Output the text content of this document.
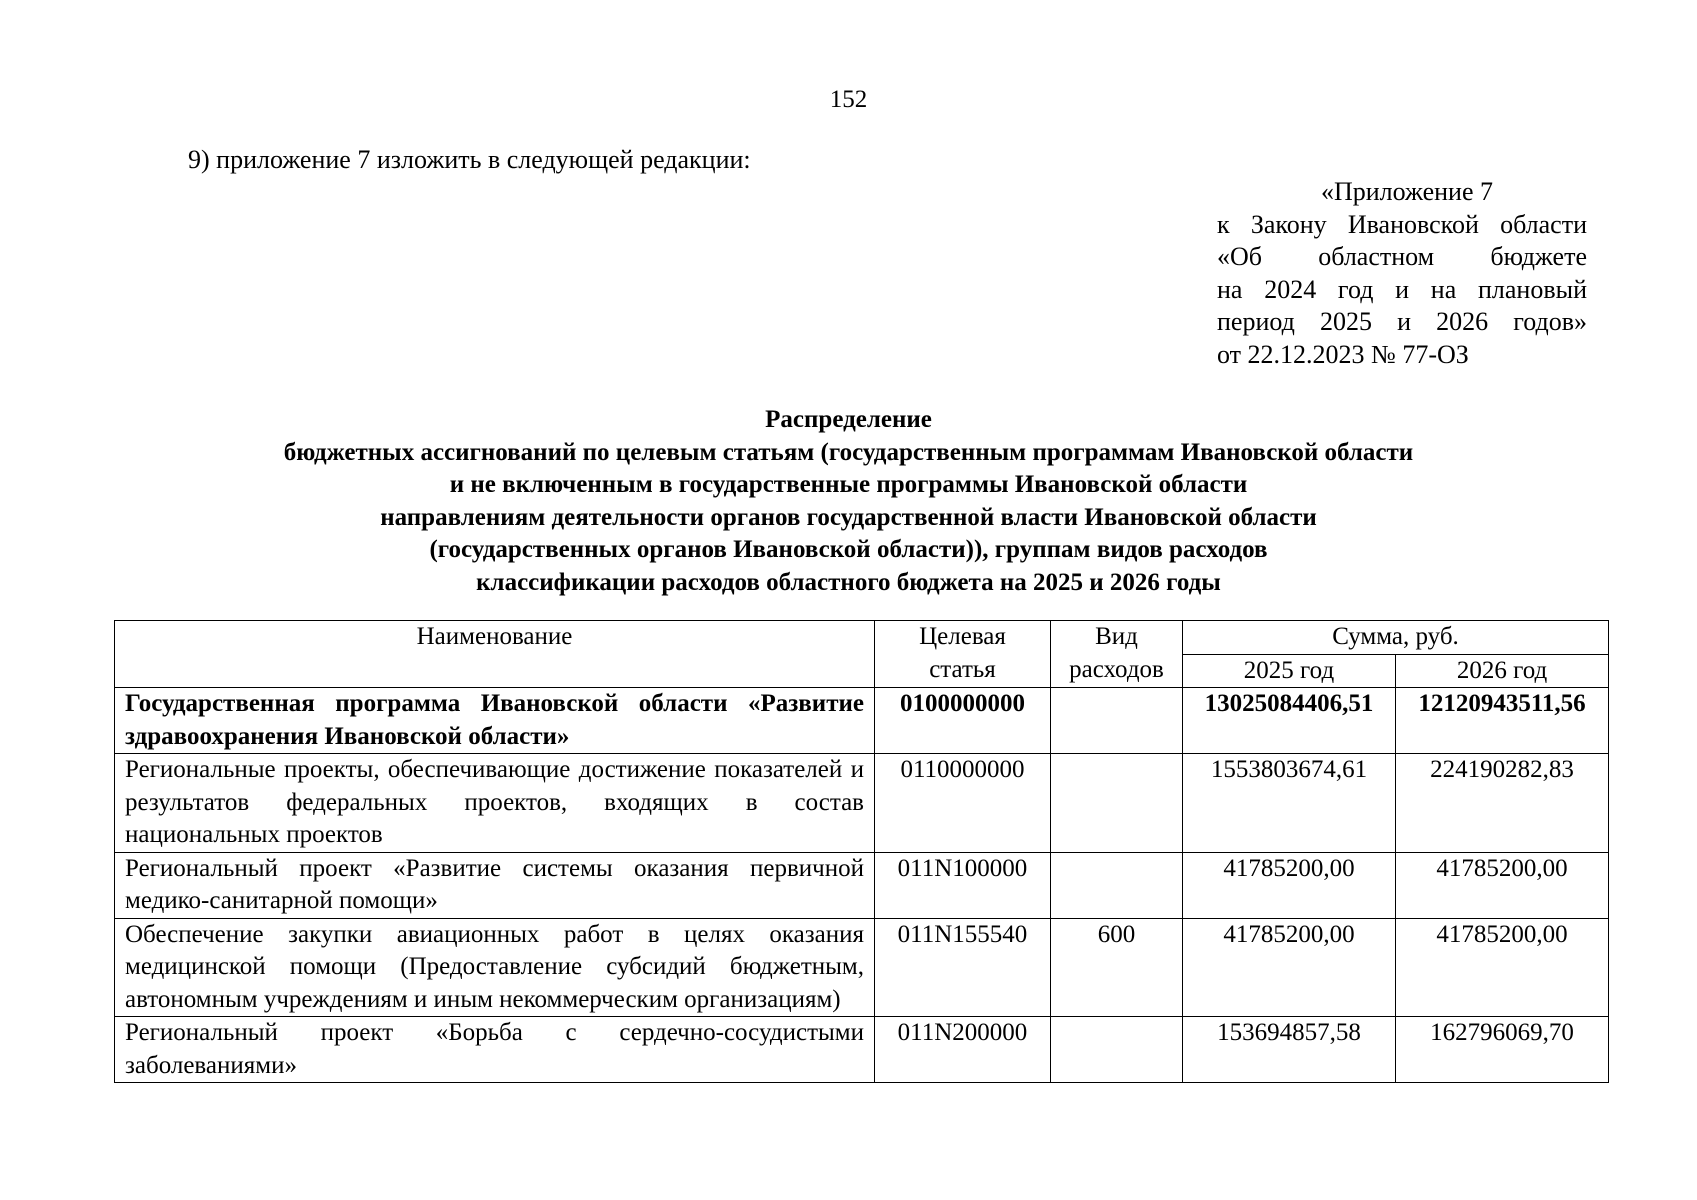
152
9) приложение 7 изложить в следующей редакции:
«Приложение 7
к Закону Ивановской области
«Об областном бюджете
на 2024 год и на плановый
период 2025 и 2026 годов»
от 22.12.2023 № 77-ОЗ
Распределение
бюджетных ассигнований по целевым статьям (государственным программам Ивановской области
и не включенным в государственные программы Ивановской области
направлениям деятельности органов государственной власти Ивановской области
(государственных органов Ивановской области)), группам видов расходов
классификации расходов областного бюджета на 2025 и 2026 годы
Наименование	Целевая статья	Вид расходов	Сумма, руб.	
			2025 год	2026 год
Государственная программа Ивановской области «Развитие здравоохранения Ивановской области»	0100000000		13025084406,51	12120943511,56
Региональные проекты, обеспечивающие достижение показателей и результатов федеральных проектов, входящих в состав национальных проектов	0110000000		1553803674,61	224190282,83
Региональный проект «Развитие системы оказания первичной медико-санитарной помощи»	011N100000		41785200,00	41785200,00
Обеспечение закупки авиационных работ в целях оказания медицинской помощи (Предоставление субсидий бюджетным, автономным учреждениям и иным некоммерческим организациям)	011N155540	600	41785200,00	41785200,00
Региональный проект «Борьба с сердечно-сосудистыми заболеваниями»	011N200000		153694857,58	162796069,70
